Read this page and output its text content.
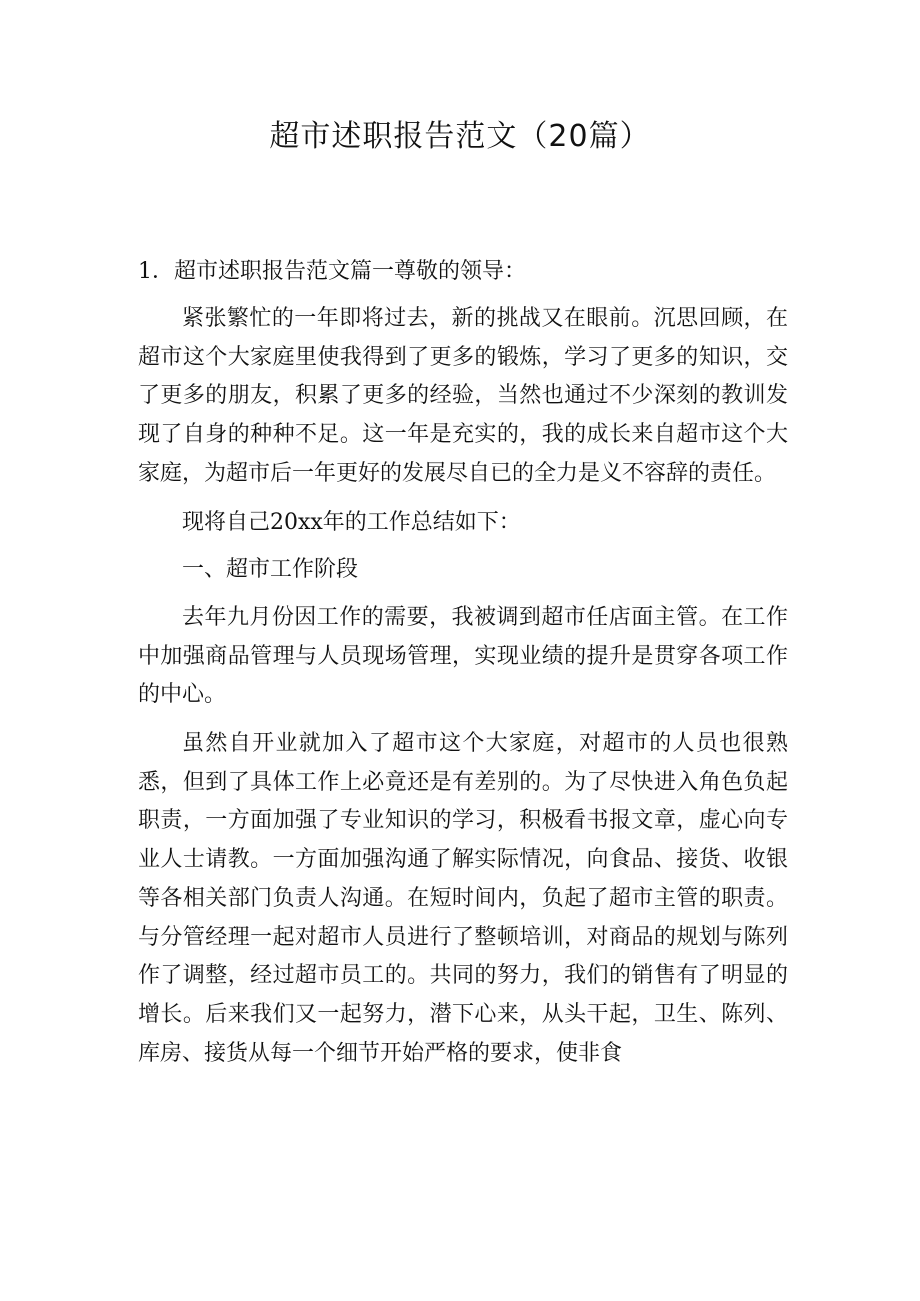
超市述职报告范文（20篇）

1．超市述职报告范文篇一尊敬的领导：

紧张繁忙的一年即将过去，新的挑战又在眼前。沉思回顾，在超市这个大家庭里使我得到了更多的锻炼，学习了更多的知识，交了更多的朋友，积累了更多的经验，当然也通过不少深刻的教训发现了自身的种种不足。这一年是充实的，我的成长来自超市这个大家庭，为超市后一年更好的发展尽自已的全力是义不容辞的责任。

现将自己20xx年的工作总结如下：

一、超市工作阶段

去年九月份因工作的需要，我被调到超市任店面主管。在工作中加强商品管理与人员现场管理，实现业绩的提升是贯穿各项工作的中心。

虽然自开业就加入了超市这个大家庭，对超市的人员也很熟悉，但到了具体工作上必竟还是有差别的。为了尽快进入角色负起职责，一方面加强了专业知识的学习，积极看书报文章，虚心向专业人士请教。一方面加强沟通了解实际情况，向食品、接货、收银等各相关部门负责人沟通。在短时间内，负起了超市主管的职责。与分管经理一起对超市人员进行了整顿培训，对商品的规划与陈列作了调整，经过超市员工的。共同的努力，我们的销售有了明显的增长。后来我们又一起努力，潜下心来，从头干起，卫生、陈列、库房、接货从每一个细节开始严格的要求，使非食
